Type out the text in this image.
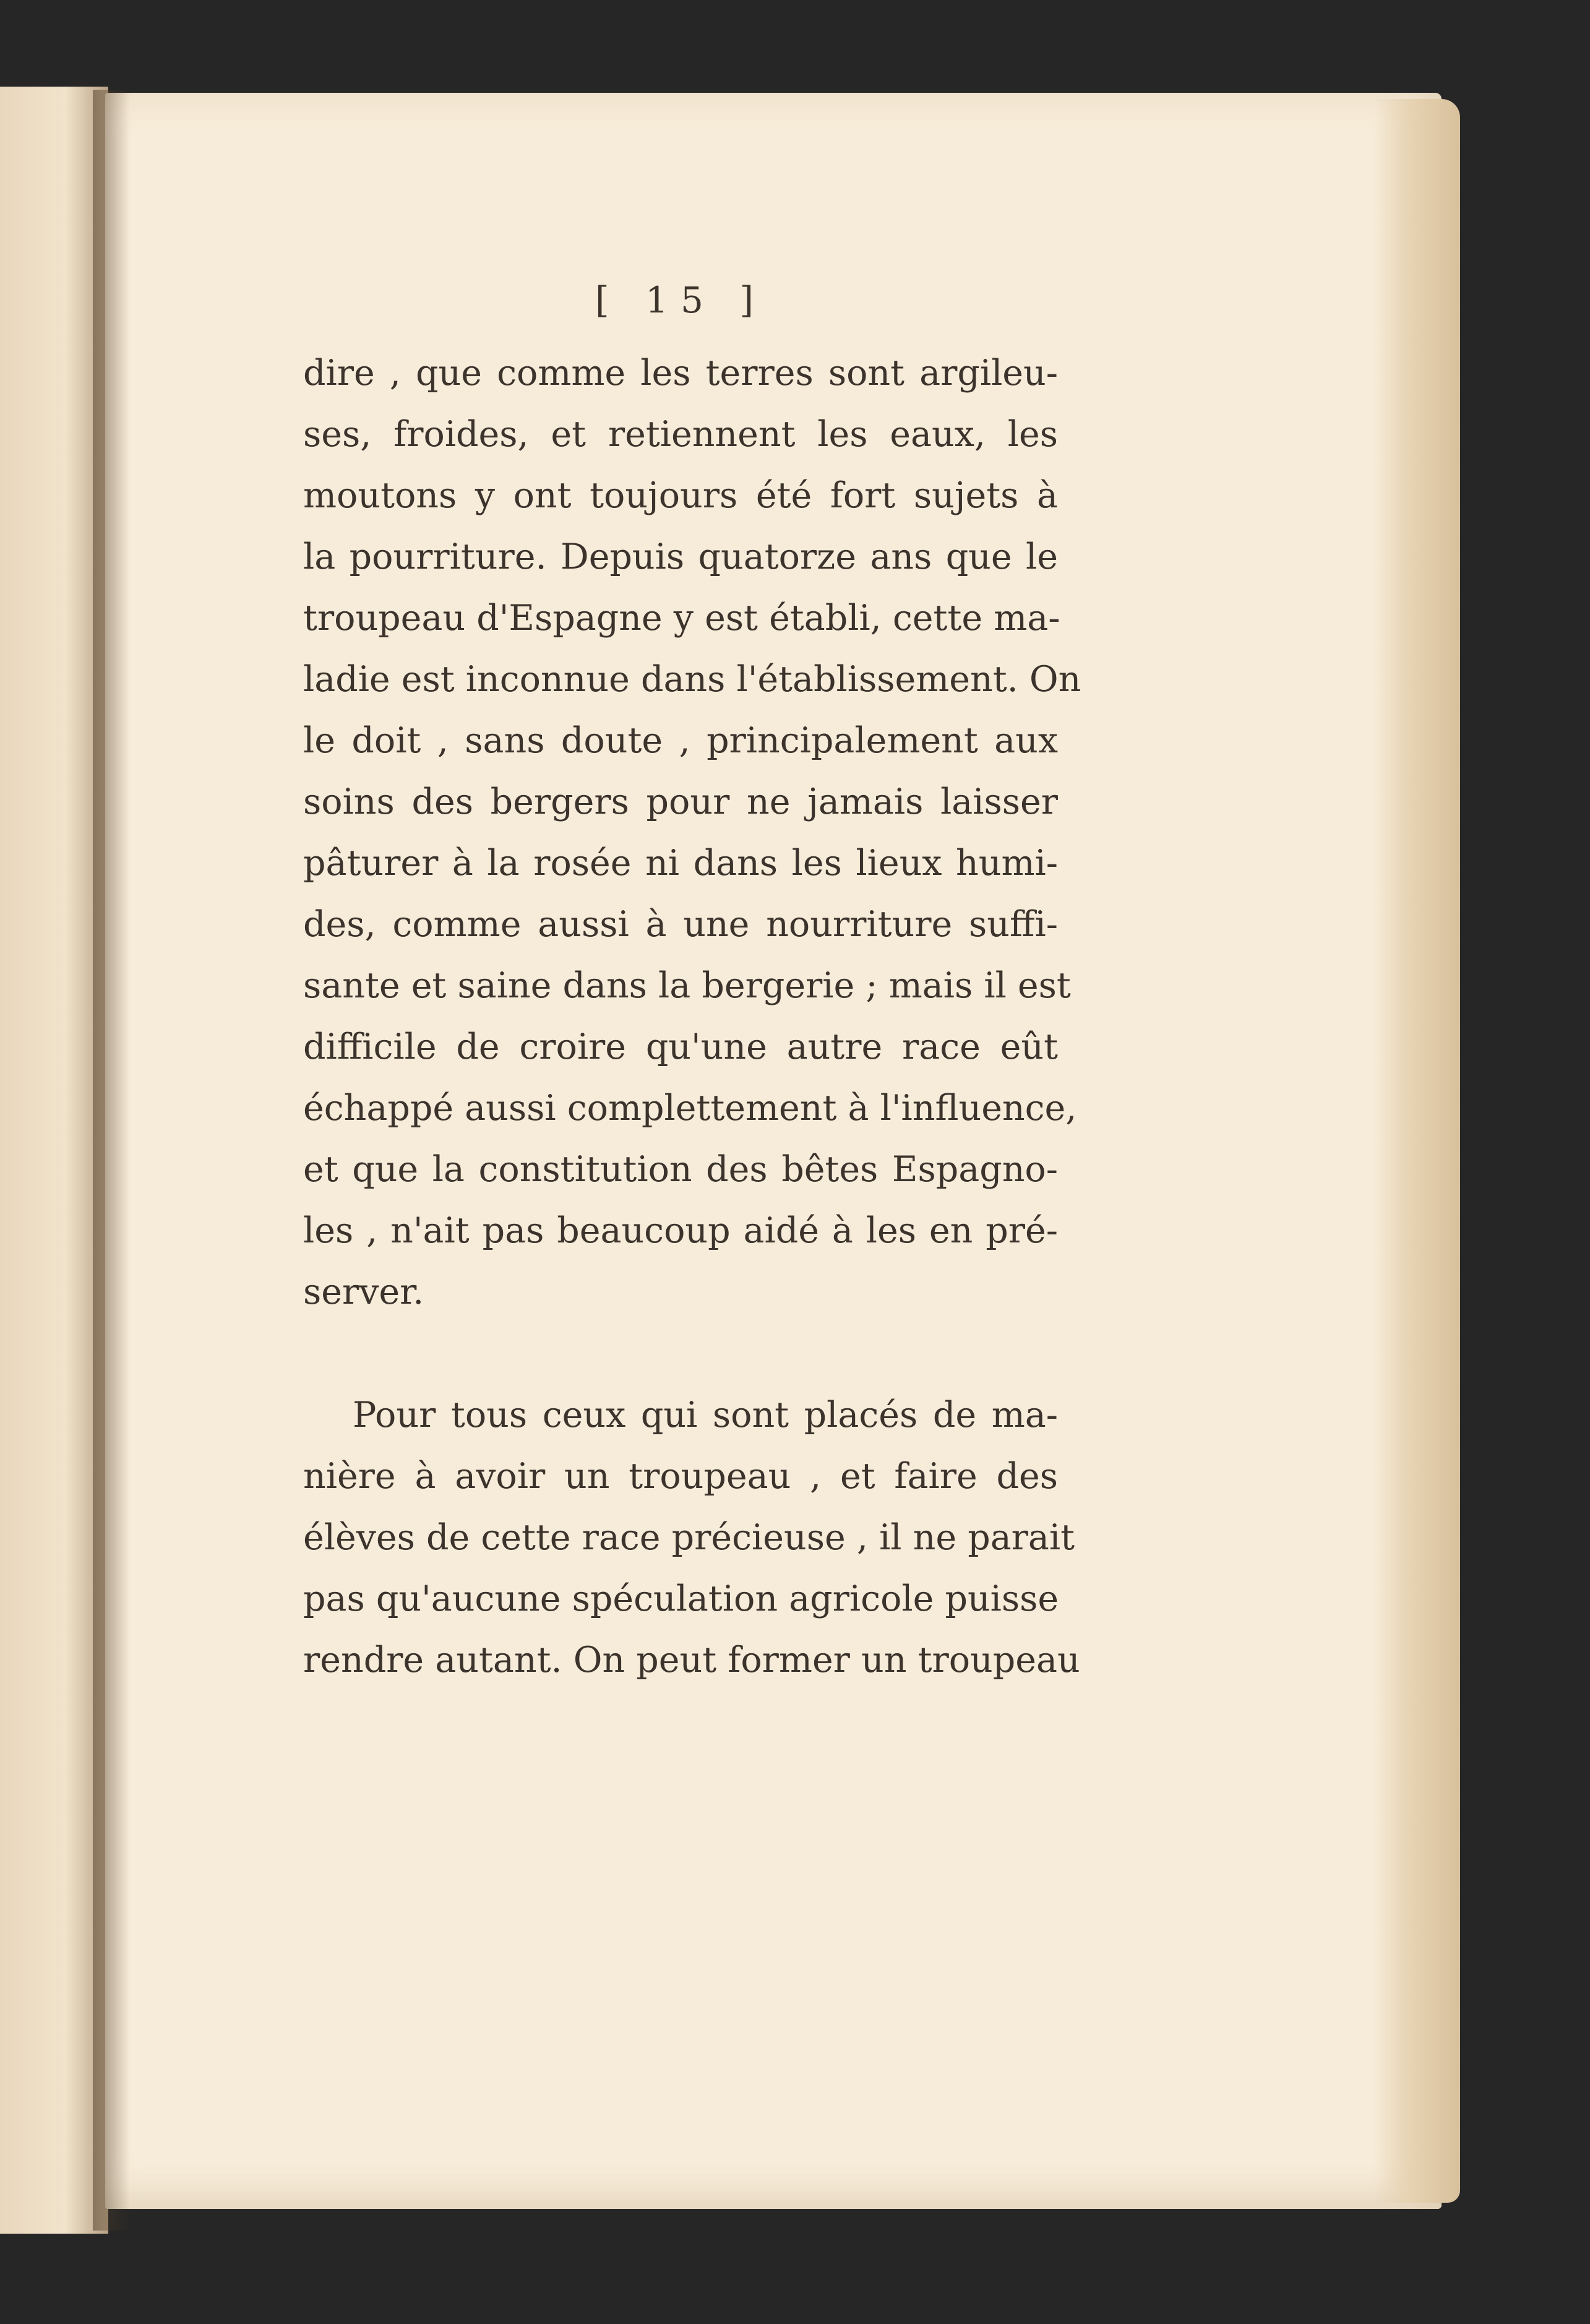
[ 15 ]
dire , que comme les terres sont argileu-
ses, froides, et retiennent les eaux, les
moutons y ont toujours été fort sujets à
la pourriture. Depuis quatorze ans que le
troupeau d'Espagne y est établi, cette ma-
ladie est inconnue dans l'établissement. On
le doit , sans doute , principalement aux
soins des bergers pour ne jamais laisser
pâturer à la rosée ni dans les lieux humi-
des, comme aussi à une nourriture suffi-
sante et saine dans la bergerie ; mais il est
difficile de croire qu'une autre race eût
échappé aussi complettement à l'influence,
et que la constitution des bêtes Espagno-
les , n'ait pas beaucoup aidé à les en pré-
server.
Pour tous ceux qui sont placés de ma-
nière à avoir un troupeau , et faire des
élèves de cette race précieuse , il ne parait
pas qu'aucune spéculation agricole puisse
rendre autant. On peut former un troupeau
